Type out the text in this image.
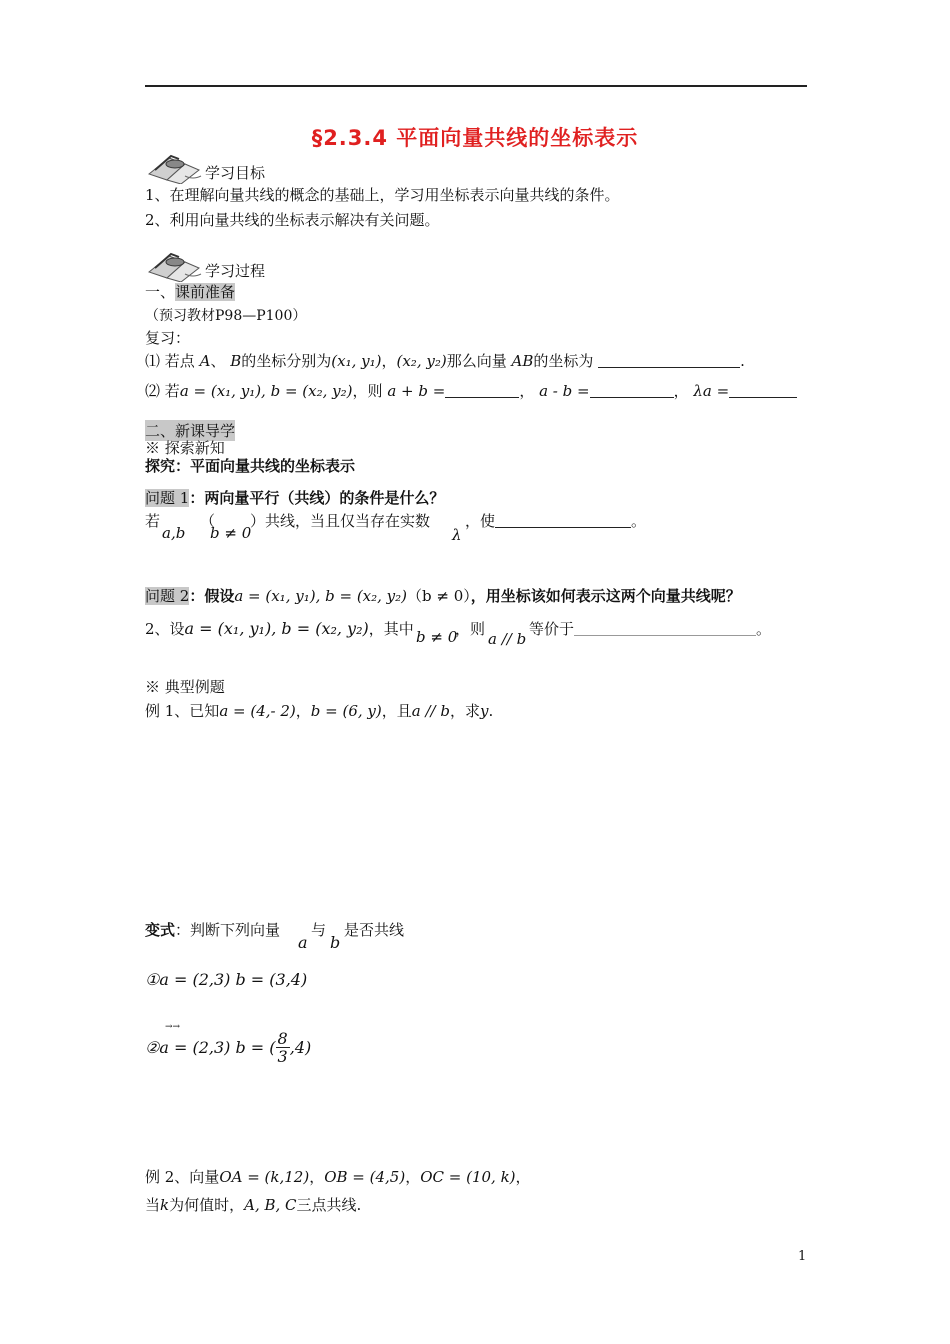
§2.3.4 平面向量共线的坐标表示
学习目标
1、在理解向量共线的概念的基础上，学习用坐标表示向量共线的条件。
2、利用向量共线的坐标表示解决有关问题。
学习过程
一、课前准备
（预习教材P98—P100）
复习：
⑴ 若点 A、 B的坐标分别为(x₁, y₁)，(x₂, y₂)那么向量 AB的坐标为	.
⑵ 若a = (x₁, y₁), b = (x₂, y₂)，则 a + b =	， a - b =	， λa =
二、新课导学
※ 探索新知
探究：平面向量共线的坐标表示
问题 1：两向量平行（共线）的条件是什么？
若
a,b
（
b ≠ 0
）共线，当且仅当存在实数
λ
，使	。
问题 2：假设a = (x₁, y₁), b = (x₂, y₂)（b ≠ 0），用坐标该如何表示这两个向量共线呢？
2、设a = (x₁, y₁), b = (x₂, y₂)，其中 b ≠ 0
，则
a // b
等价于	。
※ 典型例题
例 1、已知a = (4,- 2)，b = (6, y)，且a // b，求y.
变式：判断下列向量
a
与
b
是否共线
①a = (2,3) b = (3,4)
→→
②a = (2,3) b = ( $\frac{8}{3} ,4$)
例 2、向量OA = (k,12)，OB = (4,5)，OC = (10, k)，
当k为何值时，A, B, C三点共线.
1
